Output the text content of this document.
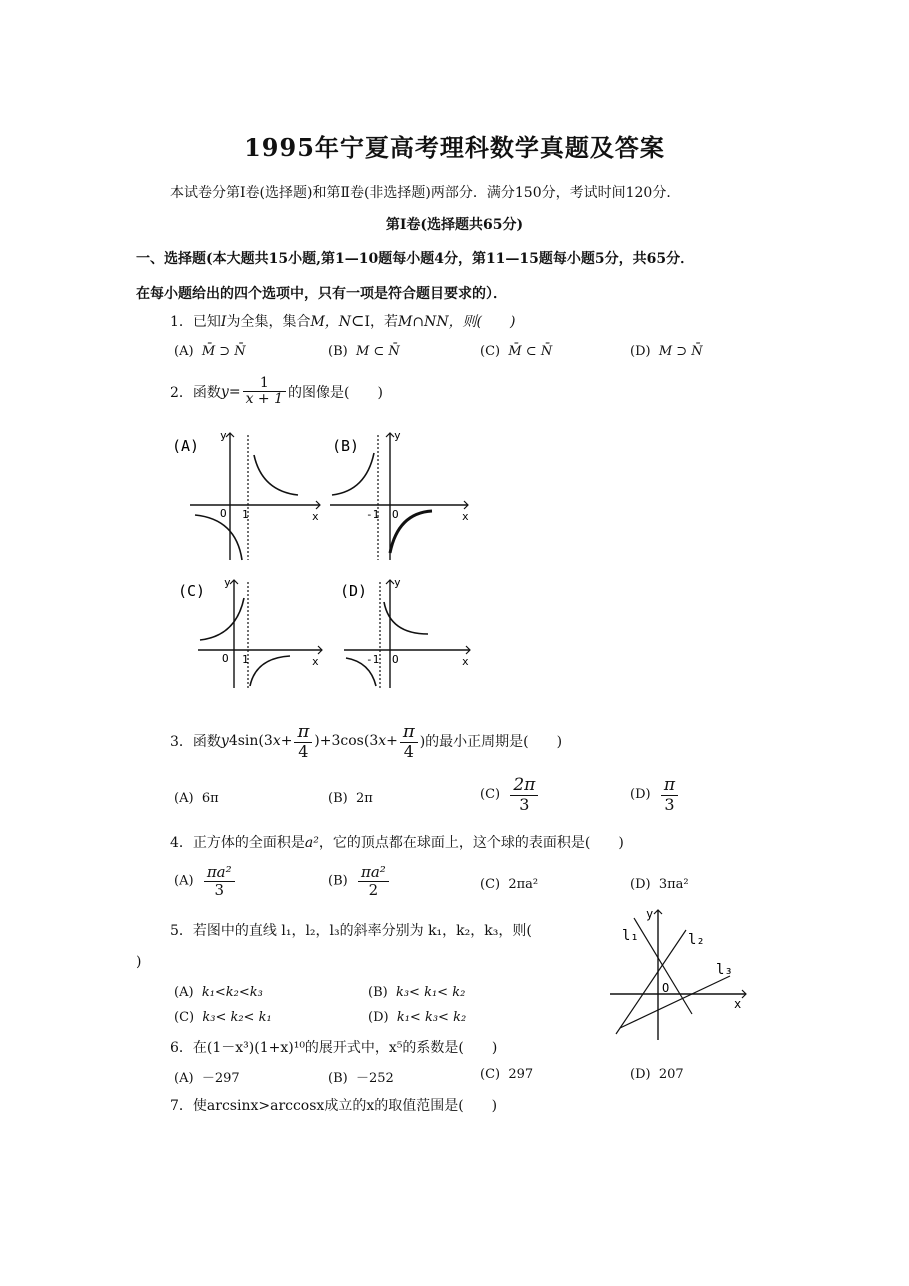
1995年宁夏高考理科数学真题及答案
本试卷分第Ⅰ卷(选择题)和第Ⅱ卷(非选择题)两部分．满分150分，考试时间120分．
第Ⅰ卷(选择题共65分)
一、选择题(本大题共15小题,第1—10题每小题4分，第11—15题每小题5分，共65分．
在每小题给出的四个选项中，只有一项是符合题目要求的）．
1．已知I为全集，集合M，N⊂I，若M∩NN，则(　　)
(A) M̄ ⊃ N̄	(B) M ⊂ N̄	(C) M̄ ⊂ N̄	(D) M ⊃ N̄
2．函数$y= \frac{1}{x + 1}$ 的图像是(　　)
(A)
O 1	x
y
(B)
-1 O	x
y
(C)
O 1	x
y	(D)
-1 O	x
y
3．函数$y4\sin(3x+ \frac{\pi}{4} )+3\cos(3x+ \frac{\pi}{4}$ )的最小正周期是(　　)
(A) 6π	(B) 2π	$(C) \frac{2\pi}{3}$	$(D) \frac{\pi}{3}$
4．正方体的全面积是a²，它的顶点都在球面上，这个球的表面积是(　　)
$(A) \frac{\text{πa²}}{3}$	$(B) \frac{\text{πa²}}{2}$	(C) 2πa²	(D) 3πa²
5．若图中的直线 l₁，l₂，l₃的斜率分别为 k₁，k₂，k₃，则(
)
(A) k₁<k₂<k₃	(B) k₃< k₁< k₂
(C) k₃< k₂< k₁	(D) k₁< k₃< k₂
l₁	l₂
l₃
O
x
y
6．在(1－x³)(1+x)¹⁰的展开式中，x⁵的系数是(　　)
(A) －297	(B) －252	(C) 297	(D) 207
7．使arcsinx>arccosx成立的x的取值范围是(　　)
